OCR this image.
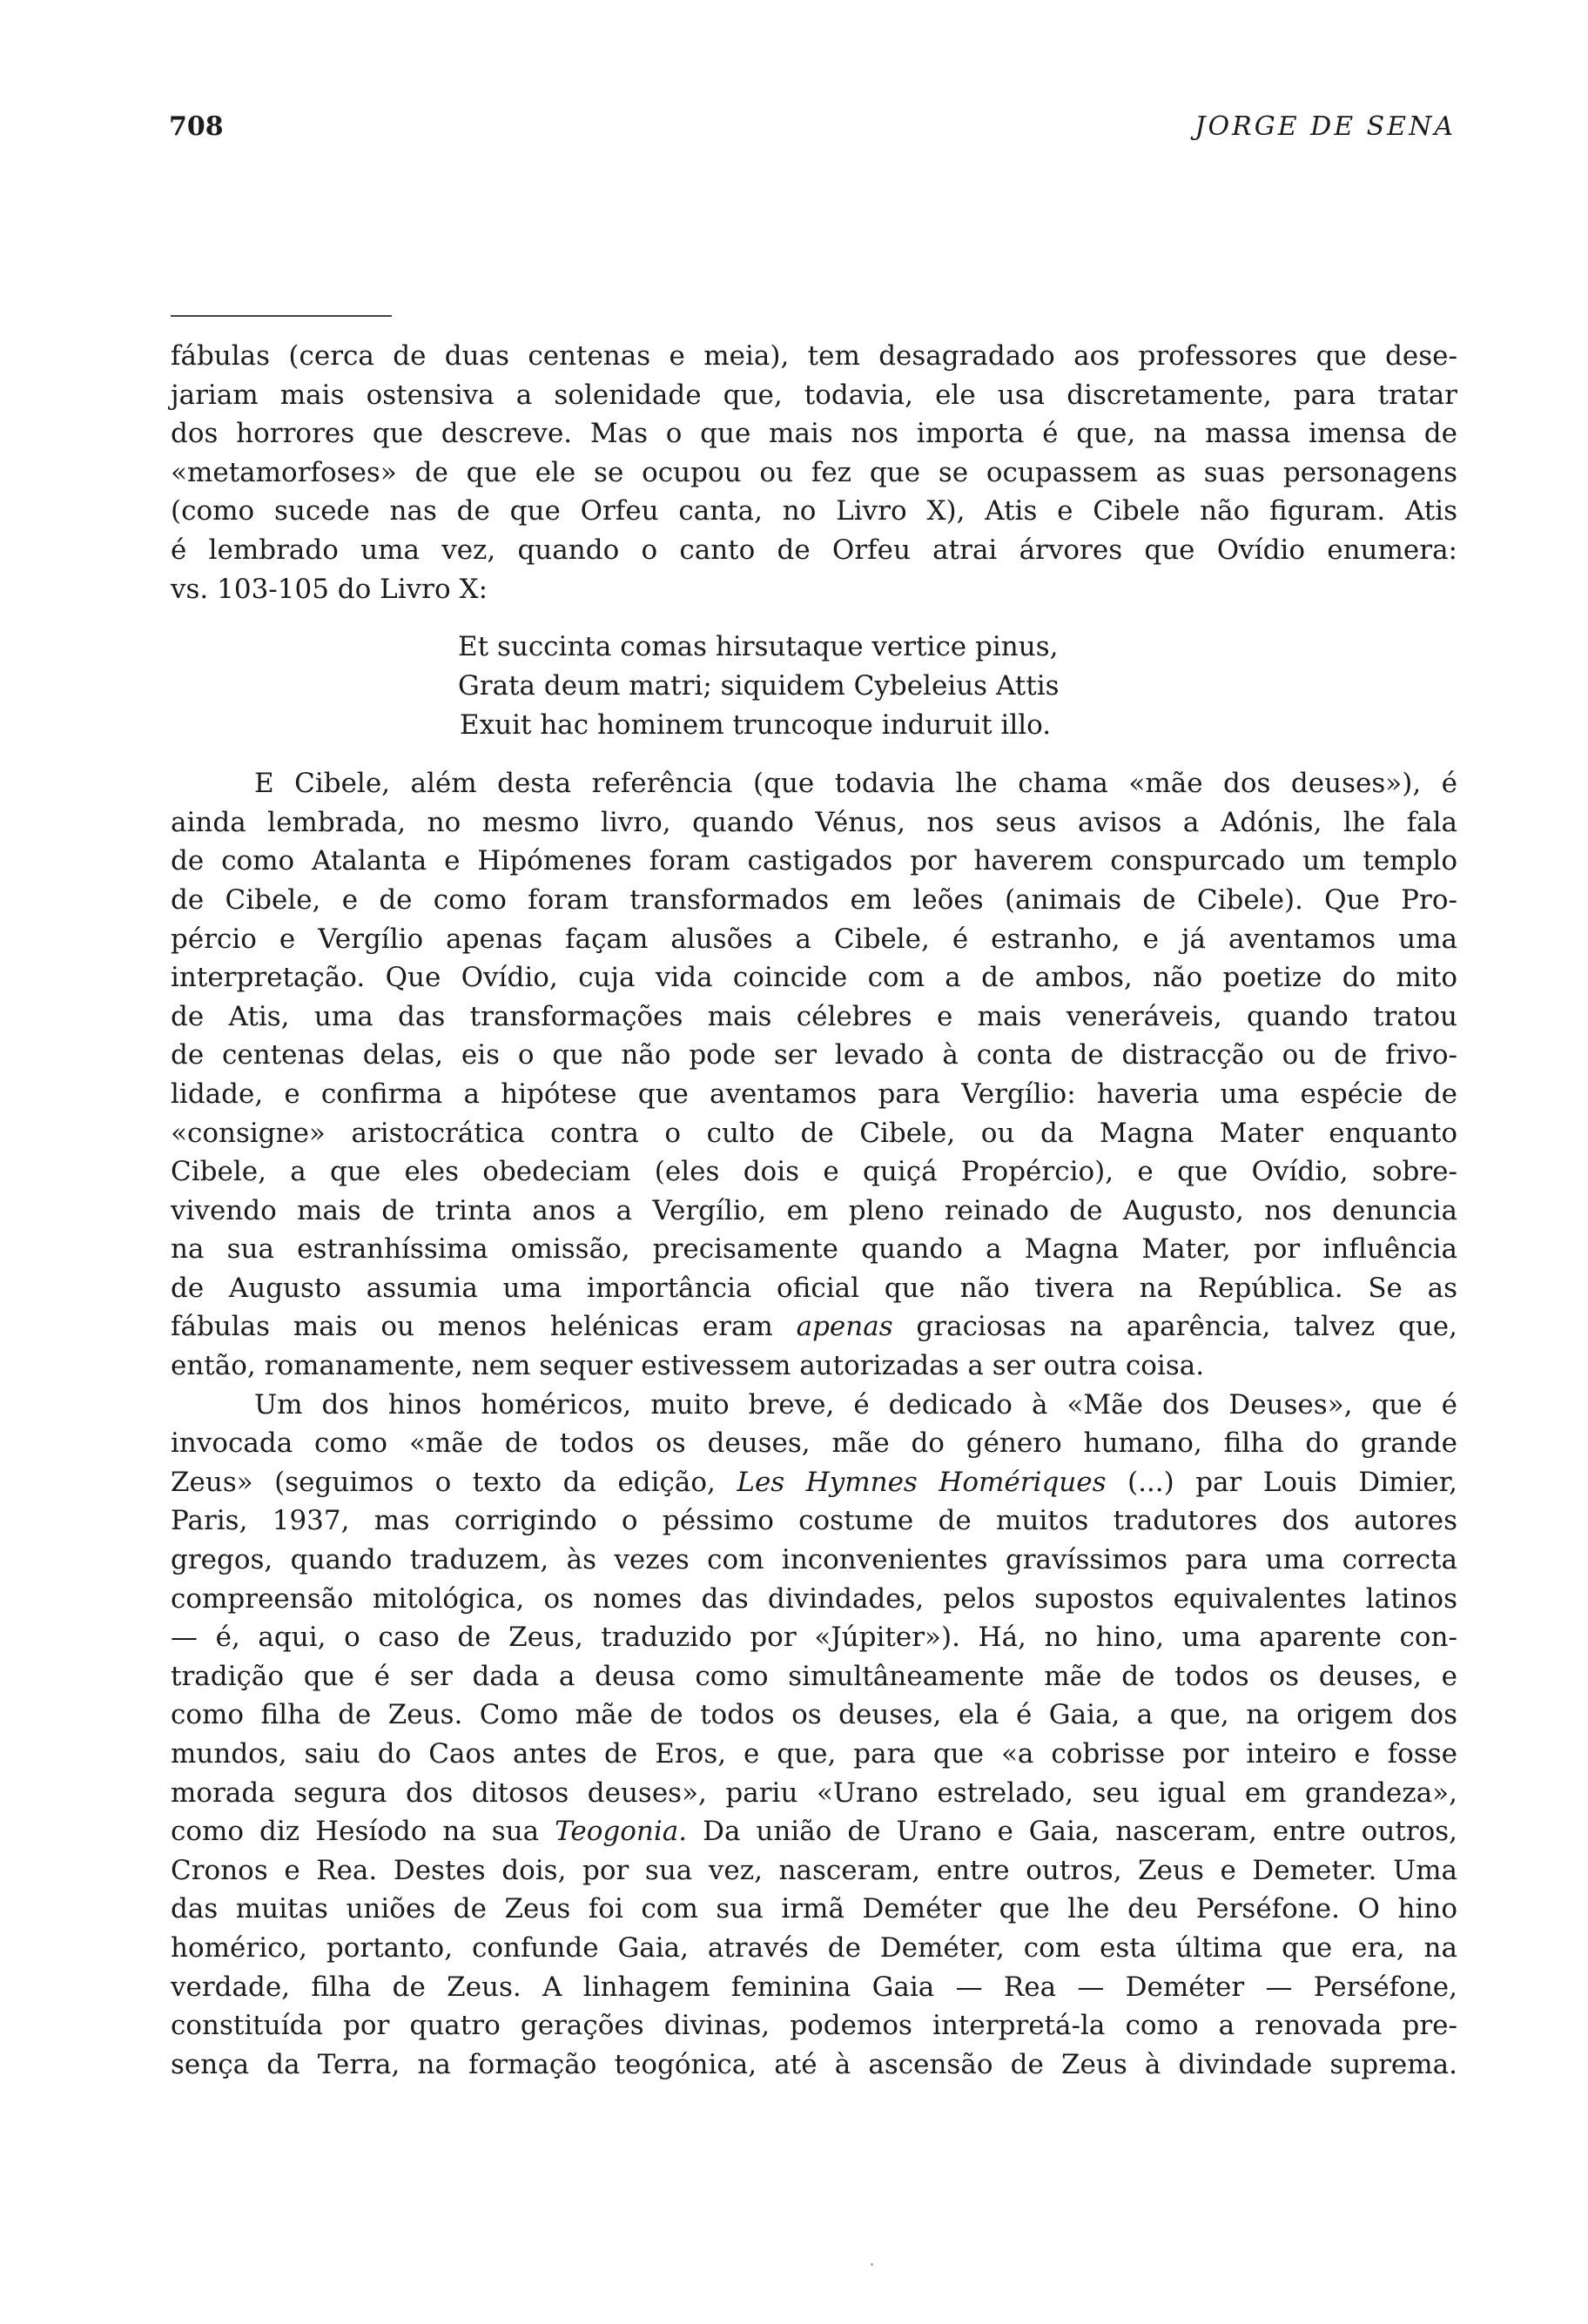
708	JORGE DE SENA
fábulas (cerca de duas centenas e meia), tem desagradado aos professores que dese-
jariam mais ostensiva a solenidade que, todavia, ele usa discretamente, para tratar
dos horrores que descreve. Mas o que mais nos importa é que, na massa imensa de
«metamorfoses» de que ele se ocupou ou fez que se ocupassem as suas personagens
(como sucede nas de que Orfeu canta, no Livro X), Atis e Cibele não figuram. Atis
é lembrado uma vez, quando o canto de Orfeu atrai árvores que Ovídio enumera:
vs. 103-105 do Livro X:
Et succinta comas hirsutaque vertice pinus,
Grata deum matri; siquidem Cybeleius Attis
Exuit hac hominem truncoque induruit illo.
E Cibele, além desta referência (que todavia lhe chama «mãe dos deuses»), é
ainda lembrada, no mesmo livro, quando Vénus, nos seus avisos a Adónis, lhe fala
de como Atalanta e Hipómenes foram castigados por haverem conspurcado um templo
de Cibele, e de como foram transformados em leões (animais de Cibele). Que Pro-
pércio e Vergílio apenas façam alusões a Cibele, é estranho, e já aventamos uma
interpretação. Que Ovídio, cuja vida coincide com a de ambos, não poetize do mito
de Atis, uma das transformações mais célebres e mais veneráveis, quando tratou
de centenas delas, eis o que não pode ser levado à conta de distracção ou de frivo-
lidade, e confirma a hipótese que aventamos para Vergílio: haveria uma espécie de
«consigne» aristocrática contra o culto de Cibele, ou da Magna Mater enquanto
Cibele, a que eles obedeciam (eles dois e quiçá Propércio), e que Ovídio, sobre-
vivendo mais de trinta anos a Vergílio, em pleno reinado de Augusto, nos denuncia
na sua estranhíssima omissão, precisamente quando a Magna Mater, por influência
de Augusto assumia uma importância oficial que não tivera na República. Se as
fábulas mais ou menos helénicas eram apenas graciosas na aparência, talvez que,
então, romanamente, nem sequer estivessem autorizadas a ser outra coisa.
Um dos hinos homéricos, muito breve, é dedicado à «Mãe dos Deuses», que é
invocada como «mãe de todos os deuses, mãe do género humano, filha do grande
Zeus» (seguimos o texto da edição, Les Hymnes Homériques (...) par Louis Dimier,
Paris, 1937, mas corrigindo o péssimo costume de muitos tradutores dos autores
gregos, quando traduzem, às vezes com inconvenientes gravíssimos para uma correcta
compreensão mitológica, os nomes das divindades, pelos supostos equivalentes latinos
— é, aqui, o caso de Zeus, traduzido por «Júpiter»). Há, no hino, uma aparente con-
tradição que é ser dada a deusa como simultâneamente mãe de todos os deuses, e
como filha de Zeus. Como mãe de todos os deuses, ela é Gaia, a que, na origem dos
mundos, saiu do Caos antes de Eros, e que, para que «a cobrisse por inteiro e fosse
morada segura dos ditosos deuses», pariu «Urano estrelado, seu igual em grandeza»,
como diz Hesíodo na sua Teogonia. Da união de Urano e Gaia, nasceram, entre outros,
Cronos e Rea. Destes dois, por sua vez, nasceram, entre outros, Zeus e Demeter. Uma
das muitas uniões de Zeus foi com sua irmã Deméter que lhe deu Perséfone. O hino
homérico, portanto, confunde Gaia, através de Deméter, com esta última que era, na
verdade, filha de Zeus. A linhagem feminina Gaia — Rea — Deméter — Perséfone,
constituída por quatro gerações divinas, podemos interpretá-la como a renovada pre-
sença da Terra, na formação teogónica, até à ascensão de Zeus à divindade suprema.
